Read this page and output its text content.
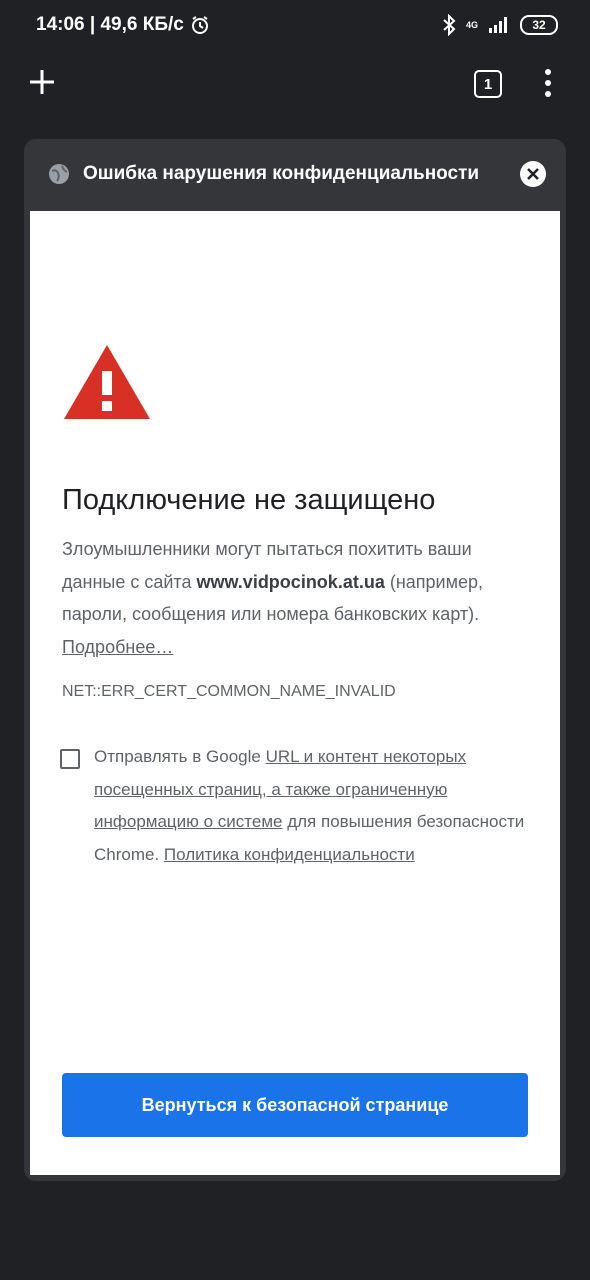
14:06 | 49,6 КБ/с	4G	32
1
Ошибка нарушения конфиденциальности
Подключение не защищено
Злоумышленники могут пытаться похитить ваши данные с сайта www.vidpocinok.at.ua (например, пароли, сообщения или номера банковских карт). Подробнее…
NET::ERR_CERT_COMMON_NAME_INVALID
Отправлять в Google URL и контент некоторых посещенных страниц, а также ограниченную информацию о системе для повышения безопасности Chrome. Политика конфиденциальности
Вернуться к безопасной странице
